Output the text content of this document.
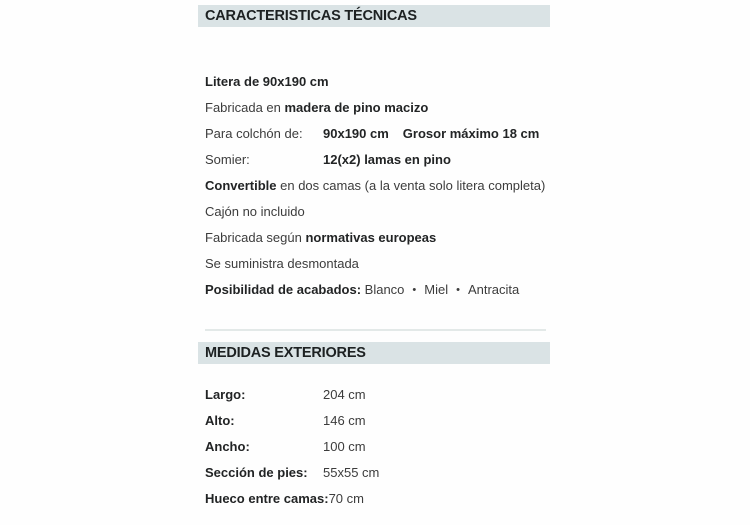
CARACTERISTICAS TÉCNICAS
Litera de 90x190 cm
Fabricada en madera de pino macizo
Para colchón de: 90x190 cm Grosor máximo 18 cm
Somier:	12(x2) lamas en pino
Convertible en dos camas (a la venta solo litera completa)
Cajón no incluido
Fabricada según normativas europeas
Se suministra desmontada
Posibilidad de acabados: Blanco • Miel • Antracita
MEDIDAS EXTERIORES
Largo:	204 cm
Alto:	146 cm
Ancho:	100 cm
Sección de pies: 55x55 cm
Hueco entre camas:70 cm
